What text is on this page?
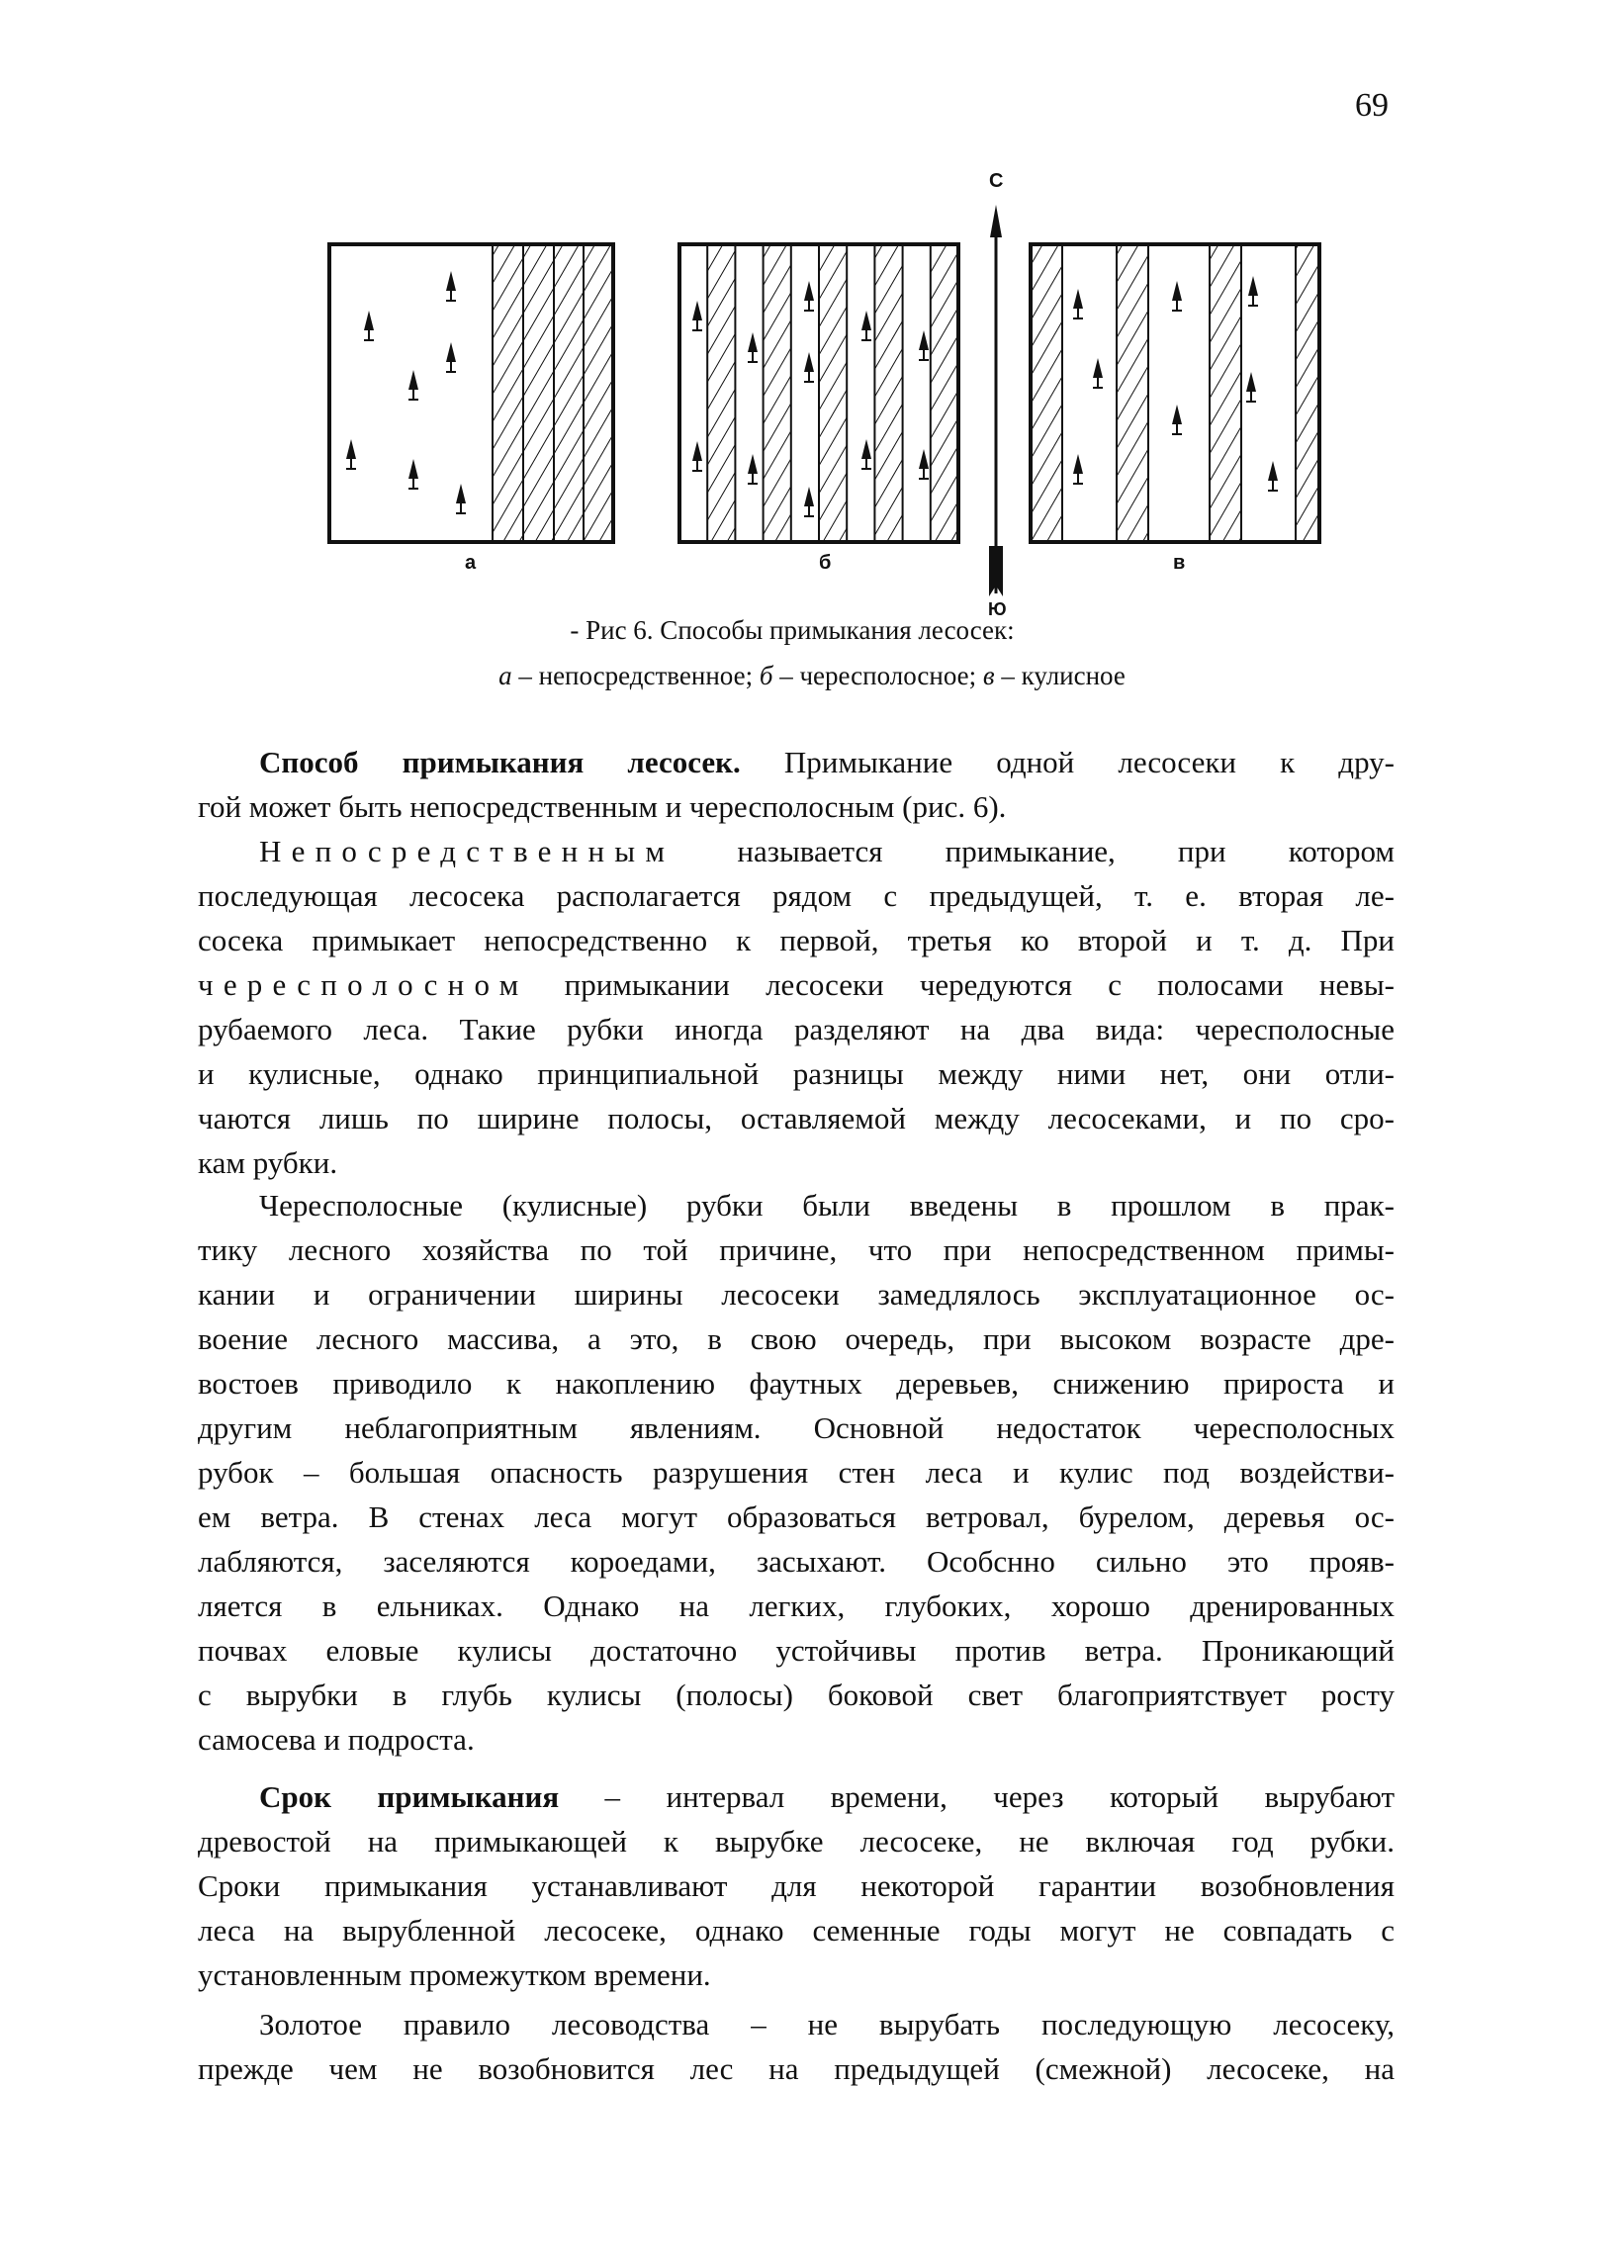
69
С
Ю
а	б	в
- Рис 6. Способы примыкания лесосек:
а – непосредственное; б – чересполосное; в – кулисное
Способ примыкания лесосек. Примыкание одной лесосеки к дру-
гой может быть непосредственным и чересполосным (рис. 6).
Непосредственным называется примыкание, при котором
последующая лесосека располагается рядом с предыдущей, т. е. вторая ле-
сосека примыкает непосредственно к первой, третья ко второй и т. д. При
чересполосном примыкании лесосеки чередуются с полосами невы-
рубаемого леса. Такие рубки иногда разделяют на два вида: чересполосные
и кулисные, однако принципиальной разницы между ними нет, они отли-
чаются лишь по ширине полосы, оставляемой между лесосеками, и по сро-
кам рубки.
Чересполосные (кулисные) рубки были введены в прошлом в прак-
тику лесного хозяйства по той причине, что при непосредственном примы-
кании и ограничении ширины лесосеки замедлялось эксплуатационное ос-
воение лесного массива, а это, в свою очередь, при высоком возрасте дре-
востоев приводило к накоплению фаутных деревьев, снижению прироста и
другим неблагоприятным явлениям. Основной недостаток чересполосных
рубок – большая опасность разрушения стен леса и кулис под воздействи-
ем ветра. В стенах леса могут образоваться ветровал, бурелом, деревья ос-
лабляются, заселяются короедами, засыхают. Особснно сильно это прояв-
ляется в ельниках. Однако на легких, глубоких, хорошо дренированных
почвах еловые кулисы достаточно устойчивы против ветра. Проникающий
с вырубки в глубь кулисы (полосы) боковой свет благоприятствует росту
самосева и подроста.
Срок примыкания – интервал времени, через который вырубают
древостой на примыкающей к вырубке лесосеке, не включая год рубки.
Сроки примыкания устанавливают для некоторой гарантии возобновления
леса на вырубленной лесосеке, однако семенные годы могут не совпадать с
установленным промежутком времени.
Золотое правило лесоводства – не вырубать последующую лесосеку,
прежде чем не возобновится лес на предыдущей (смежной) лесосеке, на
